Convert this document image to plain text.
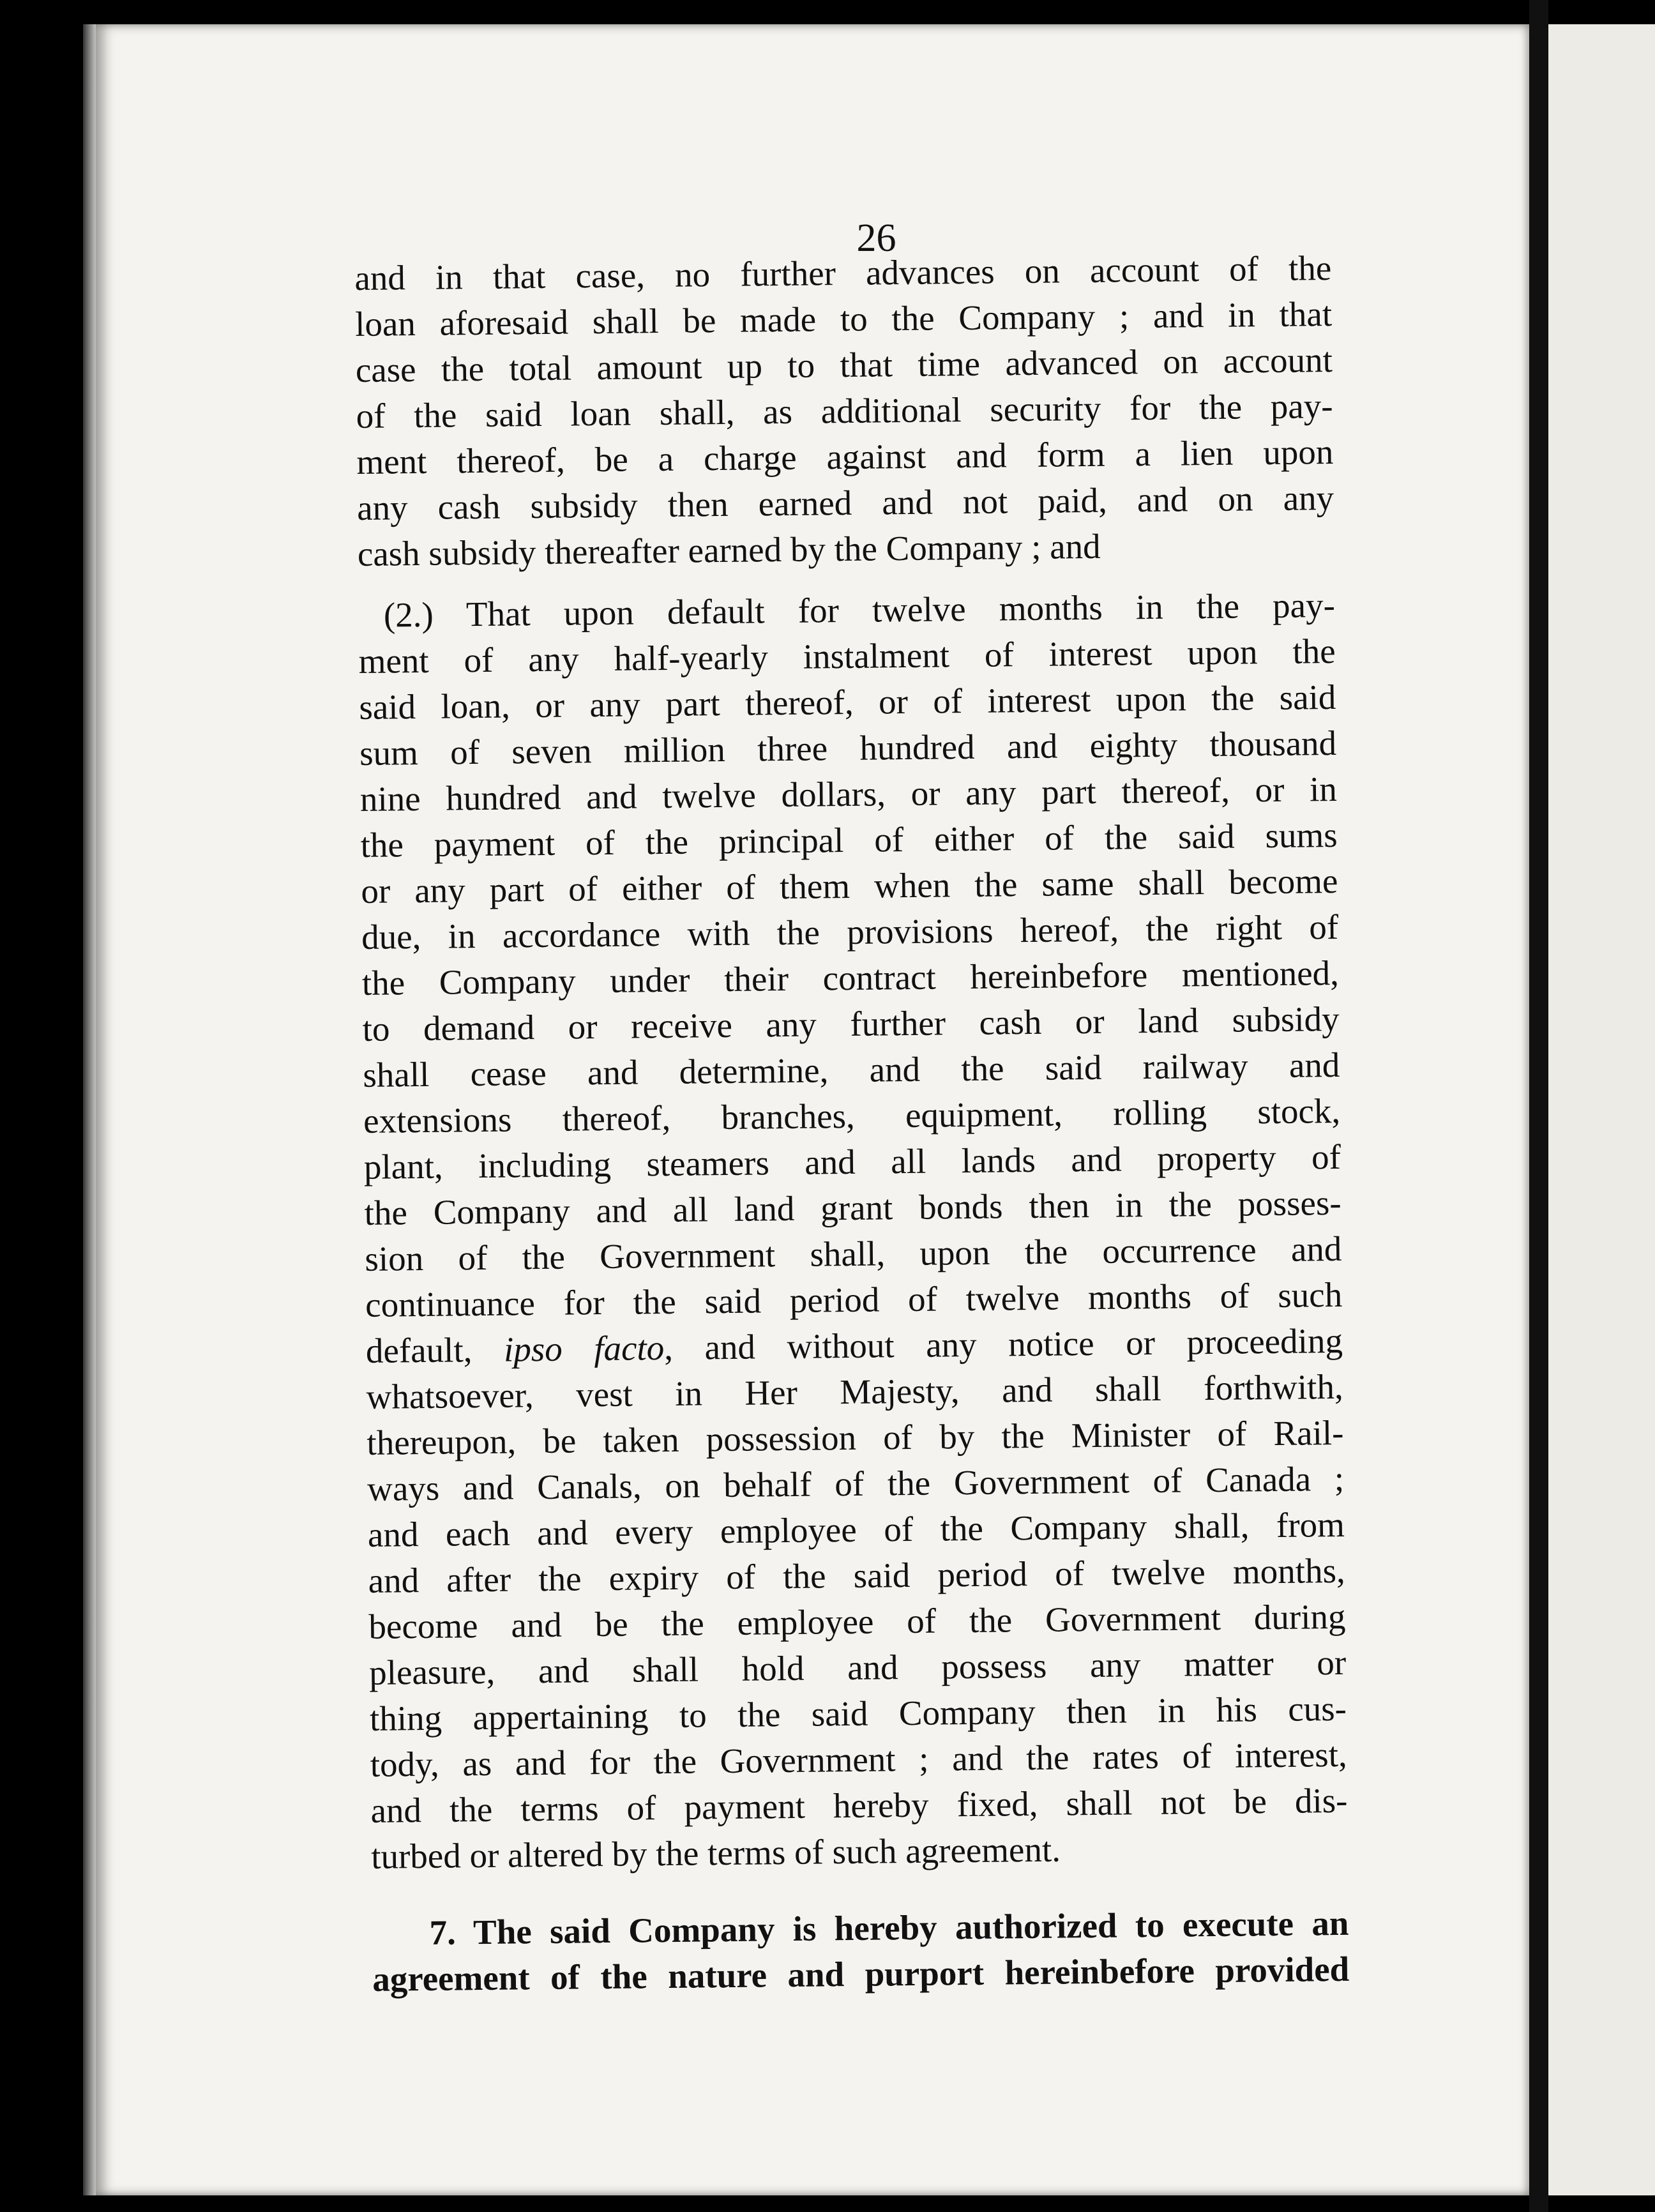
26
and in that case, no further advances on account of the
loan aforesaid shall be made to the Company ; and in that
case the total amount up to that time advanced on account
of the said loan shall, as additional security for the pay-
ment thereof, be a charge against and form a lien upon
any cash subsidy then earned and not paid, and on any
cash subsidy thereafter earned by the Company ; and
(2.) That upon default for twelve months in the pay-
ment of any half-yearly instalment of interest upon the
said loan, or any part thereof, or of interest upon the said
sum of seven million three hundred and eighty thousand
nine hundred and twelve dollars, or any part thereof, or in
the payment of the principal of either of the said sums
or any part of either of them when the same shall become
due, in accordance with the provisions hereof, the right of
the Company under their contract hereinbefore mentioned,
to demand or receive any further cash or land subsidy
shall cease and determine, and the said railway and
extensions thereof, branches, equipment, rolling stock,
plant, including steamers and all lands and property of
the Company and all land grant bonds then in the posses-
sion of the Government shall, upon the occurrence and
continuance for the said period of twelve months of such
default, ipso facto, and without any notice or proceeding
whatsoever, vest in Her Majesty, and shall forthwith,
thereupon, be taken possession of by the Minister of Rail-
ways and Canals, on behalf of the Government of Canada ;
and each and every employee of the Company shall, from
and after the expiry of the said period of twelve months,
become and be the employee of the Government during
pleasure, and shall hold and possess any matter or
thing appertaining to the said Company then in his cus-
tody, as and for the Government ; and the rates of interest,
and the terms of payment hereby fixed, shall not be dis-
turbed or altered by the terms of such agreement.
7. The said Company is hereby authorized to execute an
agreement of the nature and purport hereinbefore provided
